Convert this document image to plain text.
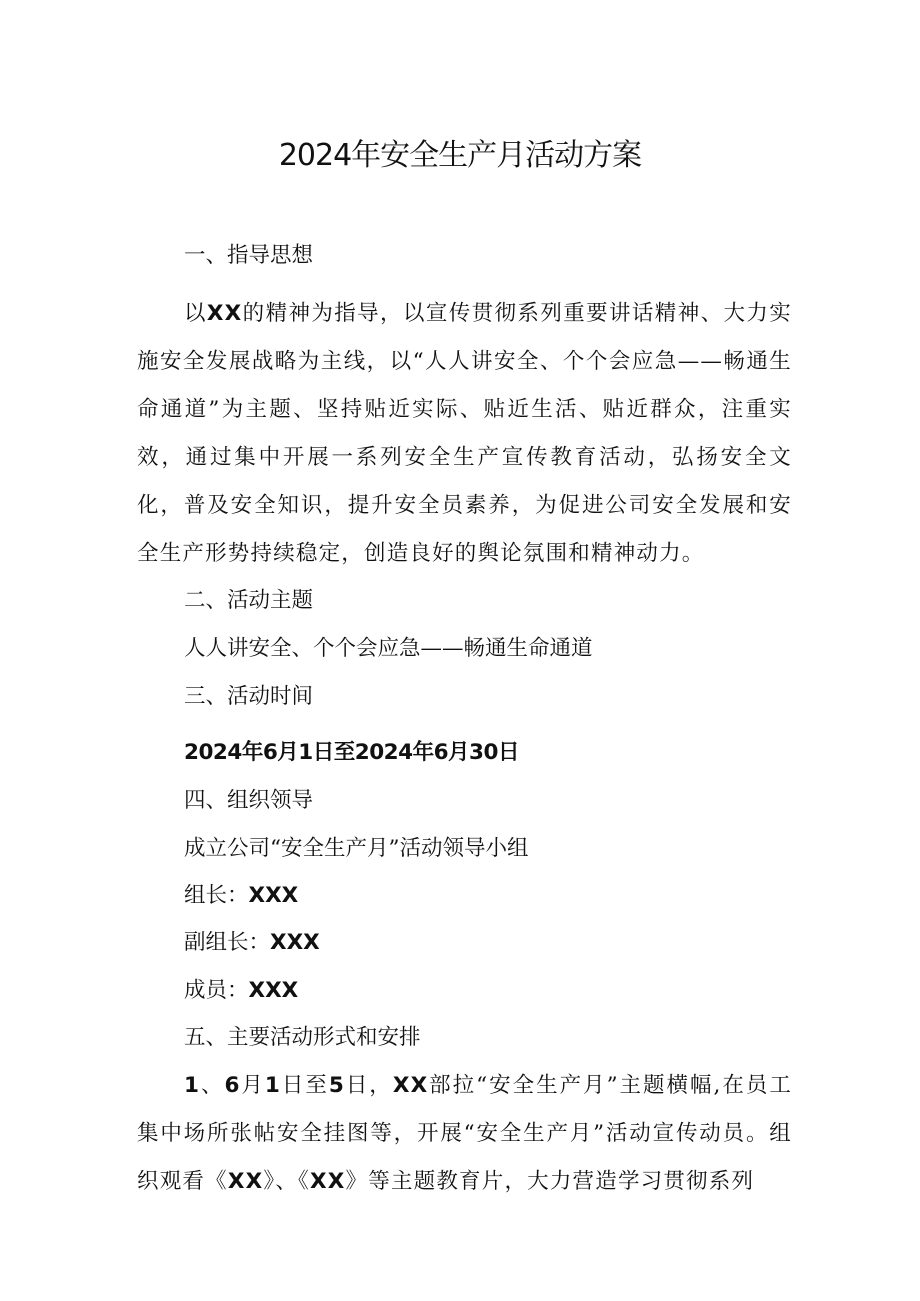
2024年安全生产月活动方案
一、指导思想
以XX的精神为指导，以宣传贯彻系列重要讲话精神、大力实施安全发展战略为主线，以“人人讲安全、个个会应急——畅通生命通道”为主题、坚持贴近实际、贴近生活、贴近群众，注重实效，通过集中开展一系列安全生产宣传教育活动，弘扬安全文化，普及安全知识，提升安全员素养，为促进公司安全发展和安全生产形势持续稳定，创造良好的舆论氛围和精神动力。
二、活动主题
人人讲安全、个个会应急——畅通生命通道
三、活动时间
2024年6月1日至2024年6月30日
四、组织领导
成立公司“安全生产月”活动领导小组
组长：XXX
副组长：XXX
成员：XXX
五、主要活动形式和安排
1、6月1日至5日，XX部拉“安全生产月”主题横幅,在员工集中场所张帖安全挂图等，开展“安全生产月”活动宣传动员。组织观看《XX》、《XX》等主题教育片，大力营造学习贯彻系列
